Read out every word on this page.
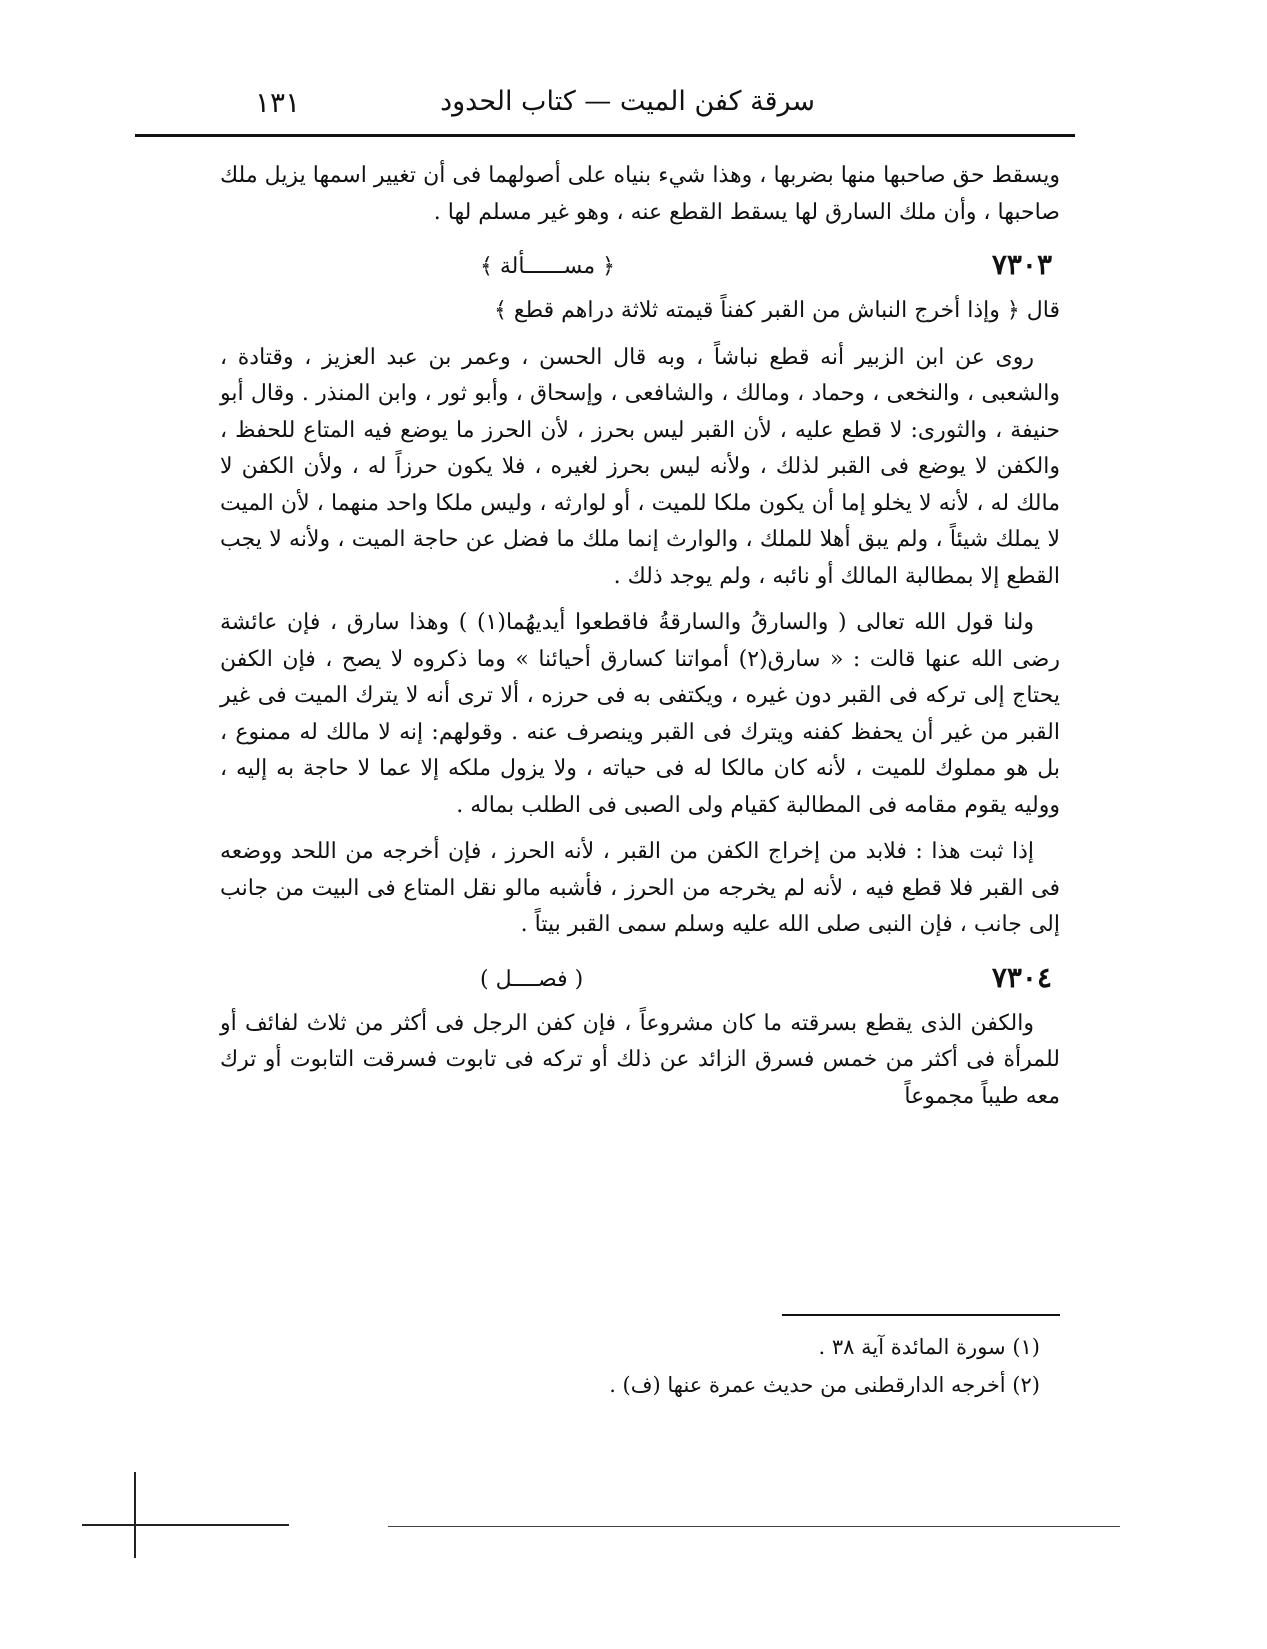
سرقة كفن الميت — كتاب الحدود
١٣١

ويسقط حق صاحبها منها بضربها ، وهذا شيء بنياه على أصولهما فى أن تغيير اسمها يزيل ملك صاحبها ، وأن ملك السارق لها يسقط القطع عنه ، وهو غير مسلم لها .

٧٣٠٣
﴿ مســــــألة ﴾

قال ﴿ وإذا أخرج النباش من القبر كفناً قيمته ثلاثة دراهم قطع ﴾

روى عن ابن الزبير أنه قطع نباشاً ، وبه قال الحسن ، وعمر بن عبد العزيز ، وقتادة ، والشعبى ، والنخعى ، وحماد ، ومالك ، والشافعى ، وإسحاق ، وأبو ثور ، وابن المنذر . وقال أبو حنيفة ، والثورى: لا قطع عليه ، لأن القبر ليس بحرز ، لأن الحرز ما يوضع فيه المتاع للحفظ ، والكفن لا يوضع فى القبر لذلك ، ولأنه ليس بحرز لغيره ، فلا يكون حرزاً له ، ولأن الكفن لا مالك له ، لأنه لا يخلو إما أن يكون ملكا للميت ، أو لوارثه ، وليس ملكا واحد منهما ، لأن الميت لا يملك شيئاً ، ولم يبق أهلا للملك ، والوارث إنما ملك ما فضل عن حاجة الميت ، ولأنه لا يجب القطع إلا بمطالبة المالك أو نائبه ، ولم يوجد ذلك .

ولنا قول الله تعالى ( والسارقُ والسارقةُ فاقطعوا أيديهُما(١) ) وهذا سارق ، فإن عائشة رضى الله عنها قالت : « سارق(٢) أمواتنا كسارق أحيائنا » وما ذكروه لا يصح ، فإن الكفن يحتاج إلى تركه فى القبر دون غيره ، ويكتفى به فى حرزه ، ألا ترى أنه لا يترك الميت فى غير القبر من غير أن يحفظ كفنه ويترك فى القبر وينصرف عنه . وقولهم: إنه لا مالك له ممنوع ، بل هو مملوك للميت ، لأنه كان مالكا له فى حياته ، ولا يزول ملكه إلا عما لا حاجة به إليه ، ووليه يقوم مقامه فى المطالبة كقيام ولى الصبى فى الطلب بماله .

إذا ثبت هذا : فلابد من إخراج الكفن من القبر ، لأنه الحرز ، فإن أخرجه من اللحد ووضعه فى القبر فلا قطع فيه ، لأنه لم يخرجه من الحرز ، فأشبه مالو نقل المتاع فى البيت من جانب إلى جانب ، فإن النبى صلى الله عليه وسلم سمى القبر بيتاً .

٧٣٠٤
( فصــــل )

والكفن الذى يقطع بسرقته ما كان مشروعاً ، فإن كفن الرجل فى أكثر من ثلاث لفائف أو للمرأة فى أكثر من خمس فسرق الزائد عن ذلك أو تركه فى تابوت فسرقت التابوت أو ترك معه طيباً مجموعاً

(١) سورة المائدة آية ٣٨ .
(٢) أخرجه الدارقطنى من حديث عمرة عنها (ف) .
